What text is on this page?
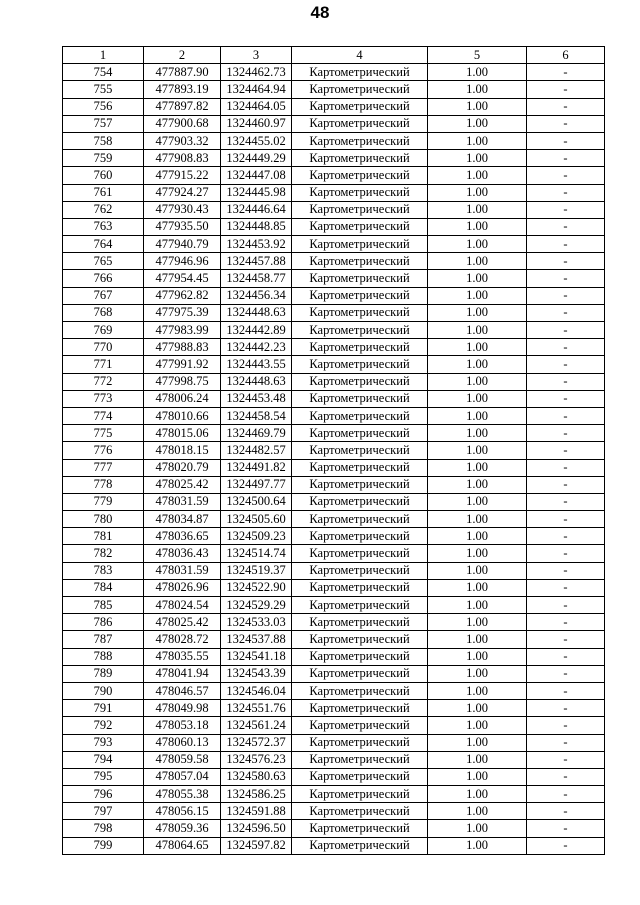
48
1	2	3	4	5	6
754	477887.90	1324462.73	Картометрический	1.00	-
755	477893.19	1324464.94	Картометрический	1.00	-
756	477897.82	1324464.05	Картометрический	1.00	-
757	477900.68	1324460.97	Картометрический	1.00	-
758	477903.32	1324455.02	Картометрический	1.00	-
759	477908.83	1324449.29	Картометрический	1.00	-
760	477915.22	1324447.08	Картометрический	1.00	-
761	477924.27	1324445.98	Картометрический	1.00	-
762	477930.43	1324446.64	Картометрический	1.00	-
763	477935.50	1324448.85	Картометрический	1.00	-
764	477940.79	1324453.92	Картометрический	1.00	-
765	477946.96	1324457.88	Картометрический	1.00	-
766	477954.45	1324458.77	Картометрический	1.00	-
767	477962.82	1324456.34	Картометрический	1.00	-
768	477975.39	1324448.63	Картометрический	1.00	-
769	477983.99	1324442.89	Картометрический	1.00	-
770	477988.83	1324442.23	Картометрический	1.00	-
771	477991.92	1324443.55	Картометрический	1.00	-
772	477998.75	1324448.63	Картометрический	1.00	-
773	478006.24	1324453.48	Картометрический	1.00	-
774	478010.66	1324458.54	Картометрический	1.00	-
775	478015.06	1324469.79	Картометрический	1.00	-
776	478018.15	1324482.57	Картометрический	1.00	-
777	478020.79	1324491.82	Картометрический	1.00	-
778	478025.42	1324497.77	Картометрический	1.00	-
779	478031.59	1324500.64	Картометрический	1.00	-
780	478034.87	1324505.60	Картометрический	1.00	-
781	478036.65	1324509.23	Картометрический	1.00	-
782	478036.43	1324514.74	Картометрический	1.00	-
783	478031.59	1324519.37	Картометрический	1.00	-
784	478026.96	1324522.90	Картометрический	1.00	-
785	478024.54	1324529.29	Картометрический	1.00	-
786	478025.42	1324533.03	Картометрический	1.00	-
787	478028.72	1324537.88	Картометрический	1.00	-
788	478035.55	1324541.18	Картометрический	1.00	-
789	478041.94	1324543.39	Картометрический	1.00	-
790	478046.57	1324546.04	Картометрический	1.00	-
791	478049.98	1324551.76	Картометрический	1.00	-
792	478053.18	1324561.24	Картометрический	1.00	-
793	478060.13	1324572.37	Картометрический	1.00	-
794	478059.58	1324576.23	Картометрический	1.00	-
795	478057.04	1324580.63	Картометрический	1.00	-
796	478055.38	1324586.25	Картометрический	1.00	-
797	478056.15	1324591.88	Картометрический	1.00	-
798	478059.36	1324596.50	Картометрический	1.00	-
799	478064.65	1324597.82	Картометрический	1.00	-
